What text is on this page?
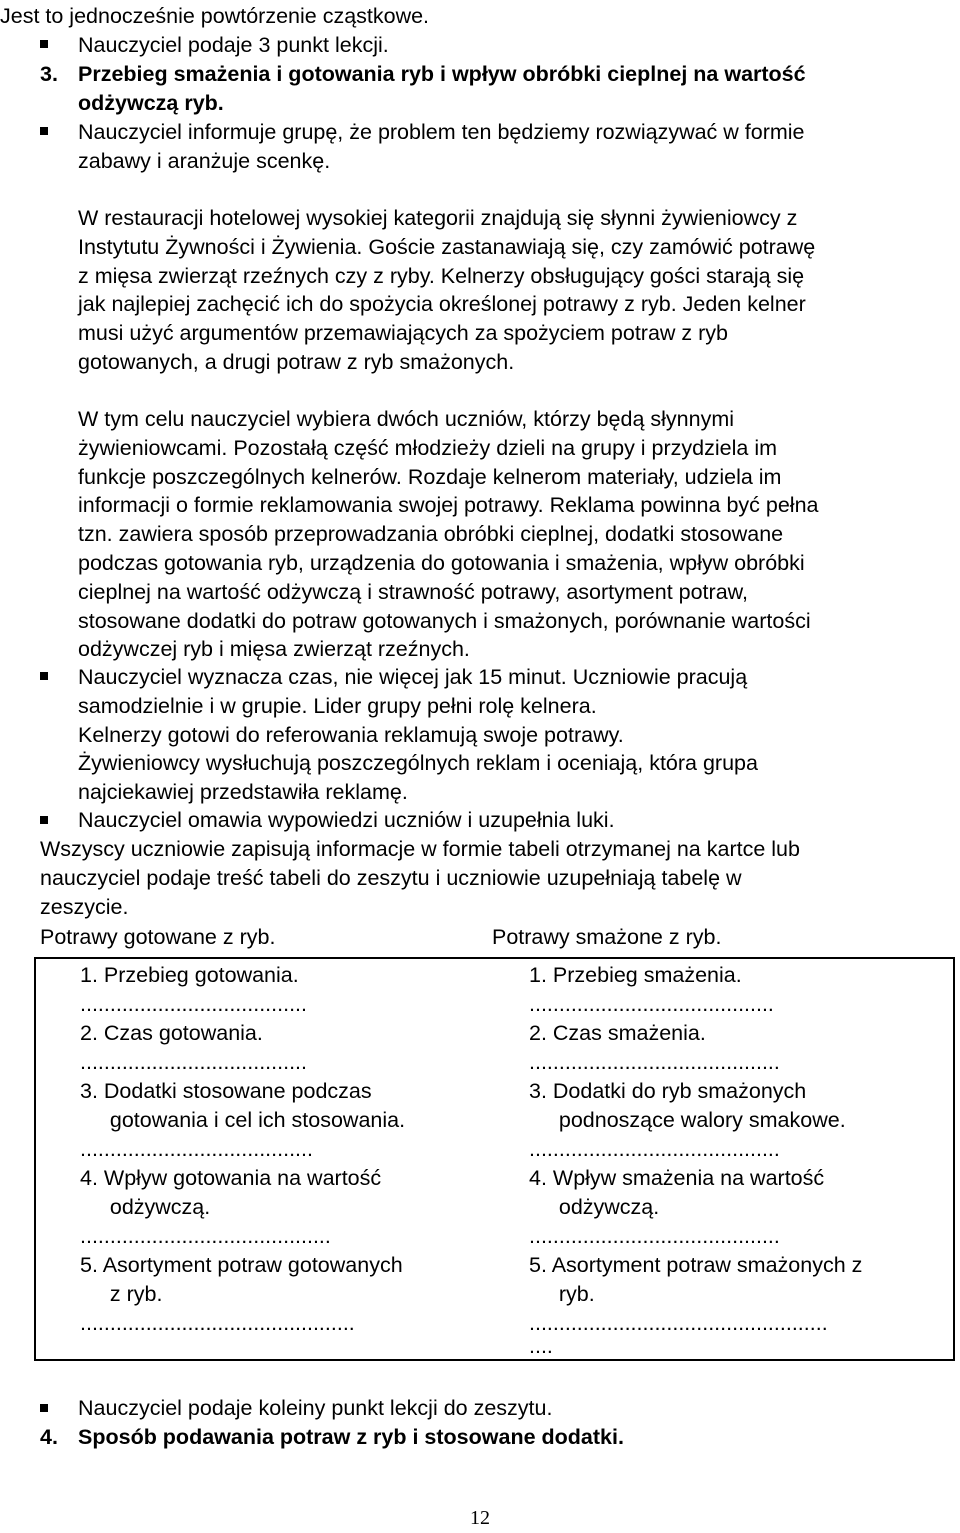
Jest to jednocześnie powtórzenie cząstkowe.
Nauczyciel podaje 3 punkt lekcji.
3. Przebieg smażenia i gotowania ryb i wpływ obróbki cieplnej na wartość
odżywczą ryb.
Nauczyciel informuje grupę, że problem ten będziemy rozwiązywać w formie
zabawy i aranżuje scenkę.
W restauracji hotelowej wysokiej kategorii znajdują się słynni żywieniowcy z
Instytutu Żywności i Żywienia. Goście zastanawiają się, czy zamówić potrawę
z mięsa zwierząt rzeźnych czy z ryby. Kelnerzy obsługujący gości starają się
jak najlepiej zachęcić ich do spożycia określonej potrawy z ryb. Jeden kelner
musi użyć argumentów przemawiających za spożyciem potraw z ryb
gotowanych, a drugi potraw z ryb smażonych.
W tym celu nauczyciel wybiera dwóch uczniów, którzy będą słynnymi
żywieniowcami. Pozostałą część młodzieży dzieli na grupy i przydziela im
funkcje poszczególnych kelnerów. Rozdaje kelnerom materiały, udziela im
informacji o formie reklamowania swojej potrawy. Reklama powinna być pełna
tzn. zawiera sposób przeprowadzania obróbki cieplnej, dodatki stosowane
podczas gotowania ryb, urządzenia do gotowania i smażenia, wpływ obróbki
cieplnej na wartość odżywczą i strawność potrawy, asortyment potraw,
stosowane dodatki do potraw gotowanych i smażonych, porównanie wartości
odżywczej ryb i mięsa zwierząt rzeźnych.
Nauczyciel wyznacza czas, nie więcej jak 15 minut. Uczniowie pracują
samodzielnie i w grupie. Lider grupy pełni rolę kelnera.
Kelnerzy gotowi do referowania reklamują swoje potrawy.
Żywieniowcy wysłuchują poszczególnych reklam i oceniają, która grupa
najciekawiej przedstawiła reklamę.
Nauczyciel omawia wypowiedzi uczniów i uzupełnia luki.
Wszyscy uczniowie zapisują informacje w formie tabeli otrzymanej na kartce lub
nauczyciel podaje treść tabeli do zeszytu i uczniowie uzupełniają tabelę w
zeszycie.
Potrawy gotowane z ryb.	Potrawy smażone z ryb.
1. Przebieg gotowania.
......................................
2. Czas gotowania.
......................................
3. Dodatki stosowane podczas
gotowania i cel ich stosowania.
.......................................
4. Wpływ gotowania na wartość
odżywczą.
..........................................
5. Asortyment potraw gotowanych
z ryb.
..............................................
1. Przebieg smażenia.
.........................................
2. Czas smażenia.
..........................................
3. Dodatki do ryb smażonych
podnoszące walory smakowe.
..........................................
4. Wpływ smażenia na wartość
odżywczą.
..........................................
5. Asortyment potraw smażonych z
ryb.
..................................................
....
Nauczyciel podaje koleiny punkt lekcji do zeszytu.
4. Sposób podawania potraw z ryb i stosowane dodatki.
12
